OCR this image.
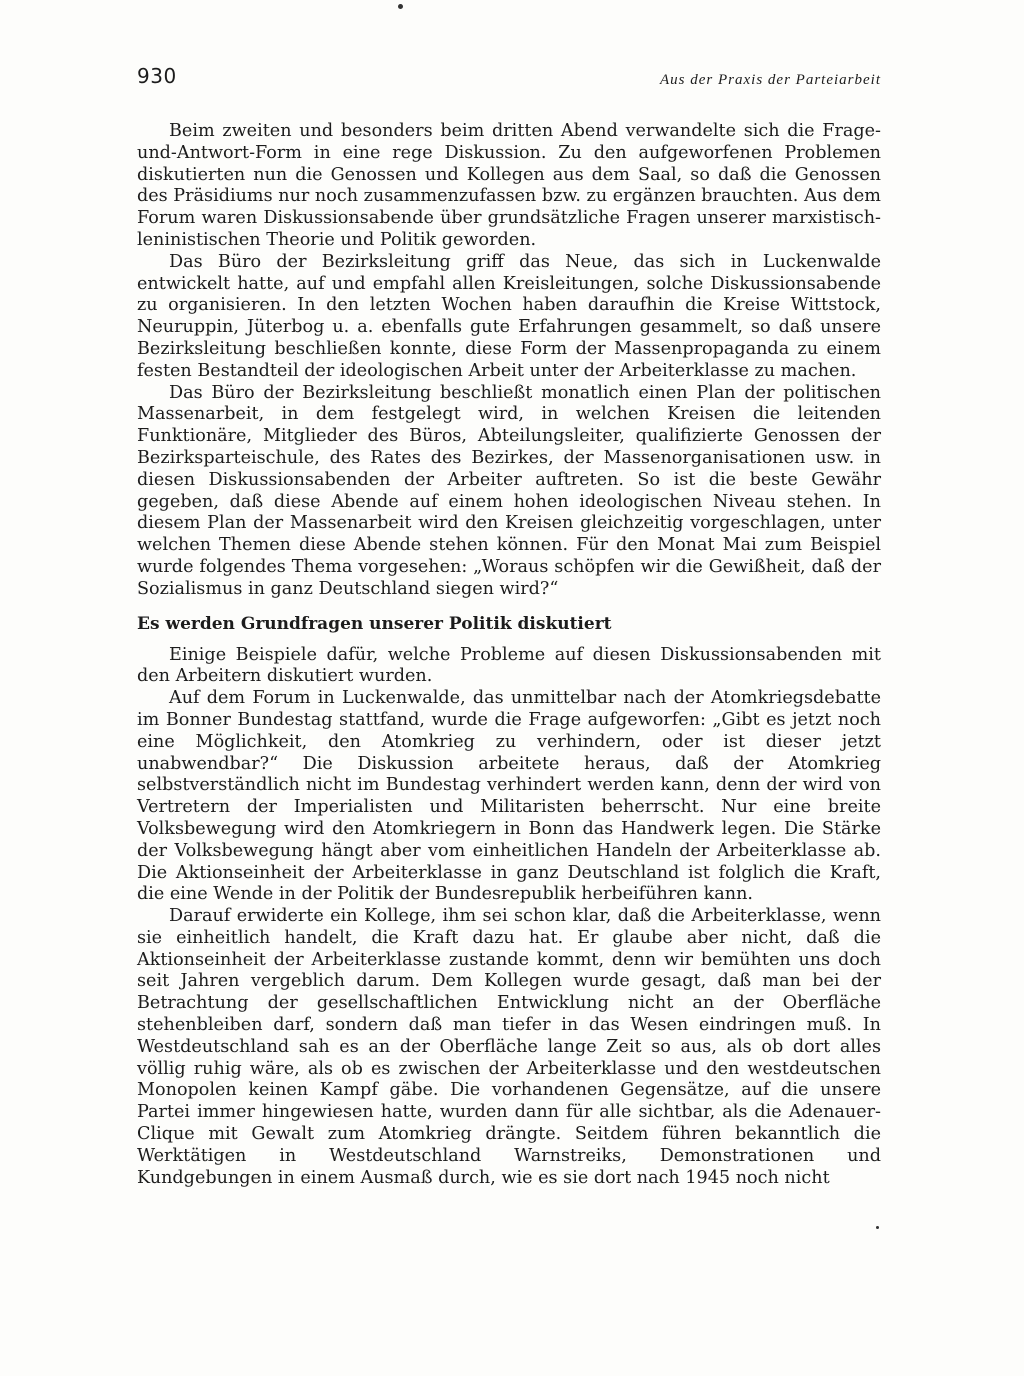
930	Aus der Praxis der Parteiarbeit

Beim zweiten und besonders beim dritten Abend verwandelte sich die Frage- und-Antwort-Form in eine rege Diskussion. Zu den aufgeworfenen Problemen diskutierten nun die Genossen und Kollegen aus dem Saal, so daß die Genossen des Präsidiums nur noch zusammenzufassen bzw. zu ergänzen brauchten. Aus dem Forum waren Diskussionsabende über grundsätzliche Fragen unserer marxistisch-leninistischen Theorie und Politik geworden.

Das Büro der Bezirksleitung griff das Neue, das sich in Luckenwalde entwickelt hatte, auf und empfahl allen Kreisleitungen, solche Diskussionsabende zu organisieren. In den letzten Wochen haben daraufhin die Kreise Wittstock, Neuruppin, Jüterbog u. a. ebenfalls gute Erfahrungen gesammelt, so daß unsere Bezirksleitung beschließen konnte, diese Form der Massenpropaganda zu einem festen Bestandteil der ideologischen Arbeit unter der Arbeiterklasse zu machen.

Das Büro der Bezirksleitung beschließt monatlich einen Plan der politischen Massenarbeit, in dem festgelegt wird, in welchen Kreisen die leitenden Funktionäre, Mitglieder des Büros, Abteilungsleiter, qualifizierte Genossen der Bezirksparteischule, des Rates des Bezirkes, der Massenorganisationen usw. in diesen Diskussionsabenden der Arbeiter auftreten. So ist die beste Gewähr gegeben, daß diese Abende auf einem hohen ideologischen Niveau stehen. In diesem Plan der Massenarbeit wird den Kreisen gleichzeitig vorgeschlagen, unter welchen Themen diese Abende stehen können. Für den Monat Mai zum Beispiel wurde folgendes Thema vorgesehen: „Woraus schöpfen wir die Gewißheit, daß der Sozialismus in ganz Deutschland siegen wird?“

Es werden Grundfragen unserer Politik diskutiert

Einige Beispiele dafür, welche Probleme auf diesen Diskussionsabenden mit den Arbeitern diskutiert wurden.

Auf dem Forum in Luckenwalde, das unmittelbar nach der Atomkriegsdebatte im Bonner Bundestag stattfand, wurde die Frage aufgeworfen: „Gibt es jetzt noch eine Möglichkeit, den Atomkrieg zu verhindern, oder ist dieser jetzt unabwendbar?“ Die Diskussion arbeitete heraus, daß der Atomkrieg selbstverständlich nicht im Bundestag verhindert werden kann, denn der wird von Vertretern der Imperialisten und Militaristen beherrscht. Nur eine breite Volksbewegung wird den Atomkriegern in Bonn das Handwerk legen. Die Stärke der Volksbewegung hängt aber vom einheitlichen Handeln der Arbeiterklasse ab. Die Aktionseinheit der Arbeiterklasse in ganz Deutschland ist folglich die Kraft, die eine Wende in der Politik der Bundesrepublik herbeiführen kann.

Darauf erwiderte ein Kollege, ihm sei schon klar, daß die Arbeiterklasse, wenn sie einheitlich handelt, die Kraft dazu hat. Er glaube aber nicht, daß die Aktionseinheit der Arbeiterklasse zustande kommt, denn wir bemühten uns doch seit Jahren vergeblich darum. Dem Kollegen wurde gesagt, daß man bei der Betrachtung der gesellschaftlichen Entwicklung nicht an der Oberfläche stehenbleiben darf, sondern daß man tiefer in das Wesen eindringen muß. In Westdeutschland sah es an der Oberfläche lange Zeit so aus, als ob dort alles völlig ruhig wäre, als ob es zwischen der Arbeiterklasse und den westdeutschen Monopolen keinen Kampf gäbe. Die vorhandenen Gegensätze, auf die unsere Partei immer hingewiesen hatte, wurden dann für alle sichtbar, als die Adenauer-Clique mit Gewalt zum Atomkrieg drängte. Seitdem führen bekanntlich die Werktätigen in Westdeutschland Warnstreiks, Demonstrationen und Kundgebungen in einem Ausmaß durch, wie es sie dort nach 1945 noch nicht
